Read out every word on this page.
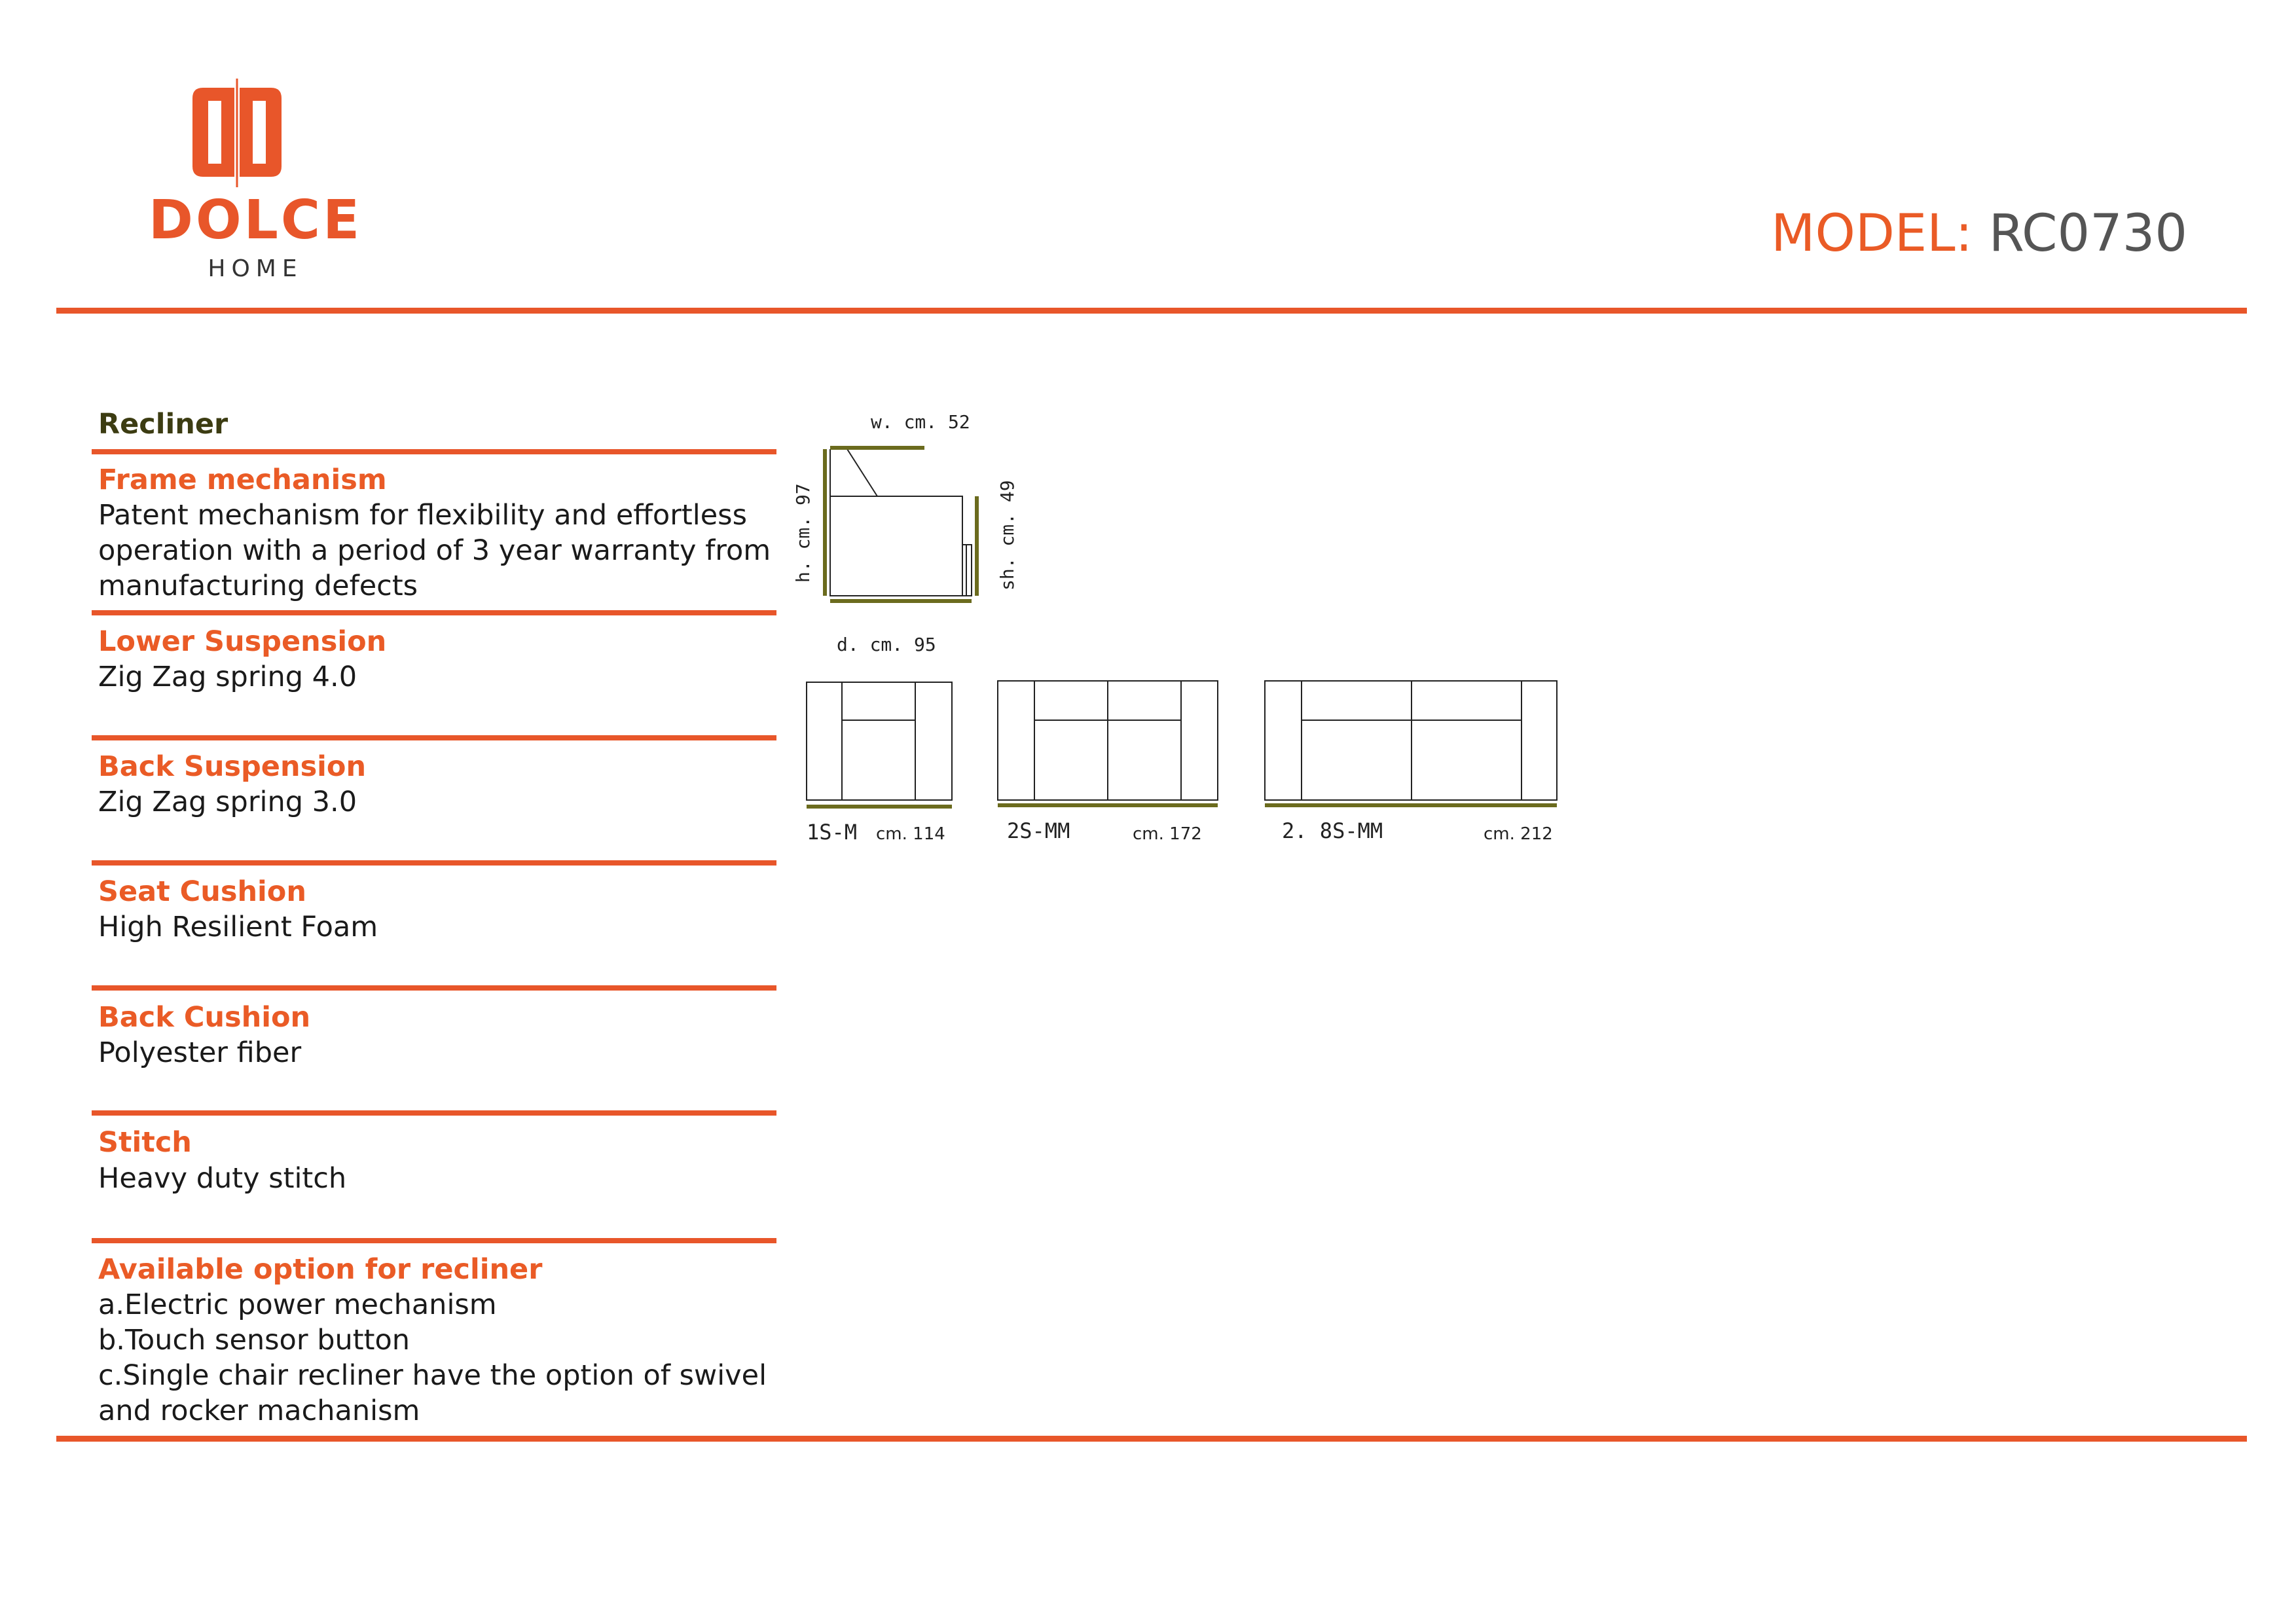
DOLCE
HOME
MODEL: RC0730
Recliner
Frame mechanism
Patent mechanism for flexibility and effortless
operation with a period of 3 year warranty from
manufacturing defects
Lower Suspension
Zig Zag spring 4.0
Back Suspension
Zig Zag spring 3.0
Seat Cushion
High Resilient Foam
Back Cushion
Polyester fiber
Stitch
Heavy duty stitch
Available option for recliner
a.Electric power mechanism
b.Touch sensor button
c.Single chair recliner have the option of swivel
and rocker machanism
w. cm. 52
d. cm. 95
h. cm. 97	sh. cm. 49
1S-M cm. 114	2S-MM	cm. 172	2. 8S-MM	cm. 212
